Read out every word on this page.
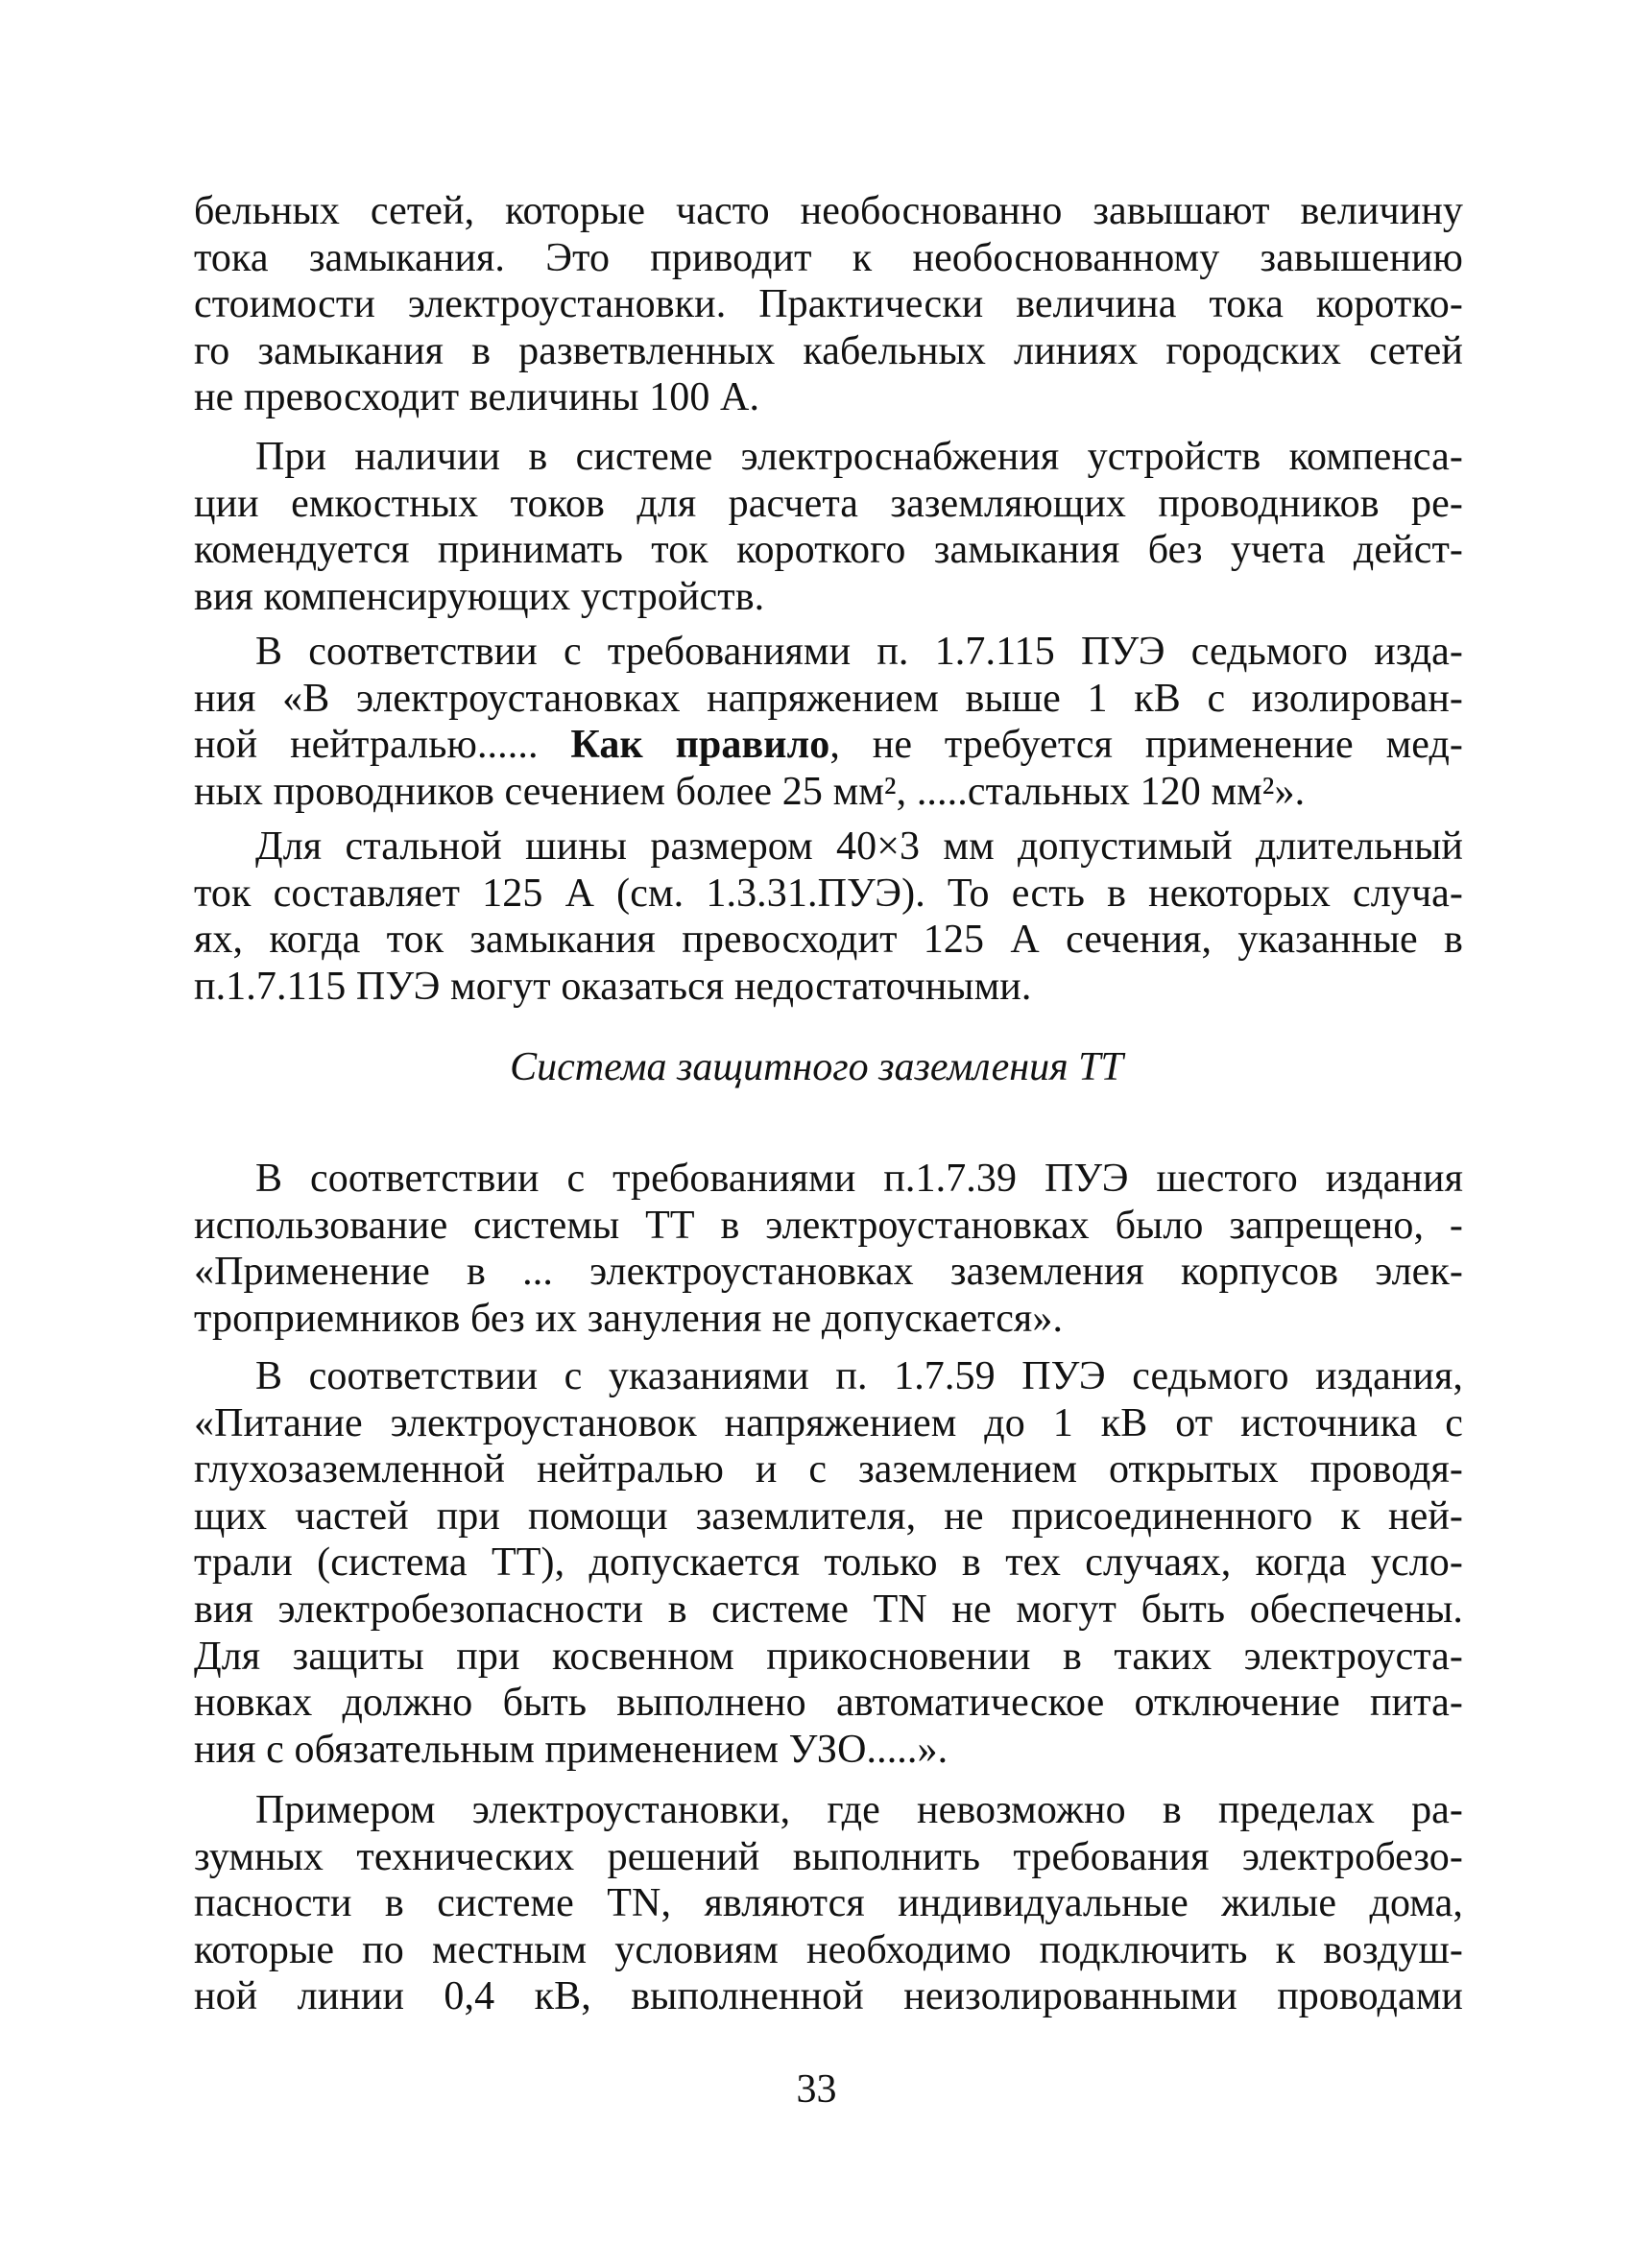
бельных сетей, которые часто необоснованно завышают величину
тока замыкания. Это приводит к необоснованному завышению
стоимости электроустановки. Практически величина тока коротко-
го замыкания в разветвленных кабельных линиях городских сетей
не превосходит величины 100 А.
При наличии в системе электроснабжения устройств компенса-
ции емкостных токов для расчета заземляющих проводников ре-
комендуется принимать ток короткого замыкания без учета дейст-
вия компенсирующих устройств.
В соответствии с требованиями п. 1.7.115 ПУЭ седьмого изда-
ния «В электроустановках напряжением выше 1 кВ с изолирован-
ной нейтралью...... Как правило, не требуется применение мед-
ных проводников сечением более 25 мм², .....стальных 120 мм²».
Для стальной шины размером 40×3 мм допустимый длительный
ток составляет 125 А (см. 1.3.31.ПУЭ). То есть в некоторых случа-
ях, когда ток замыкания превосходит 125 А сечения, указанные в
п.1.7.115 ПУЭ могут оказаться недостаточными.
Система защитного заземления ТТ
В соответствии с требованиями п.1.7.39 ПУЭ шестого издания
использование системы ТТ в электроустановках было запрещено, -
«Применение в ... электроустановках заземления корпусов элек-
троприемников без их зануления не допускается».
В соответствии с указаниями п. 1.7.59 ПУЭ седьмого издания,
«Питание электроустановок напряжением до 1 кВ от источника с
глухозаземленной нейтралью и с заземлением открытых проводя-
щих частей при помощи заземлителя, не присоединенного к ней-
трали (система ТТ), допускается только в тех случаях, когда усло-
вия электробезопасности в системе TN не могут быть обеспечены.
Для защиты при косвенном прикосновении в таких электроуста-
новках должно быть выполнено автоматическое отключение пита-
ния с обязательным применением УЗО.....».
Примером электроустановки, где невозможно в пределах ра-
зумных технических решений выполнить требования электробезо-
пасности в системе TN, являются индивидуальные жилые дома,
которые по местным условиям необходимо подключить к воздуш-
ной линии 0,4 кВ, выполненной неизолированными проводами
33
